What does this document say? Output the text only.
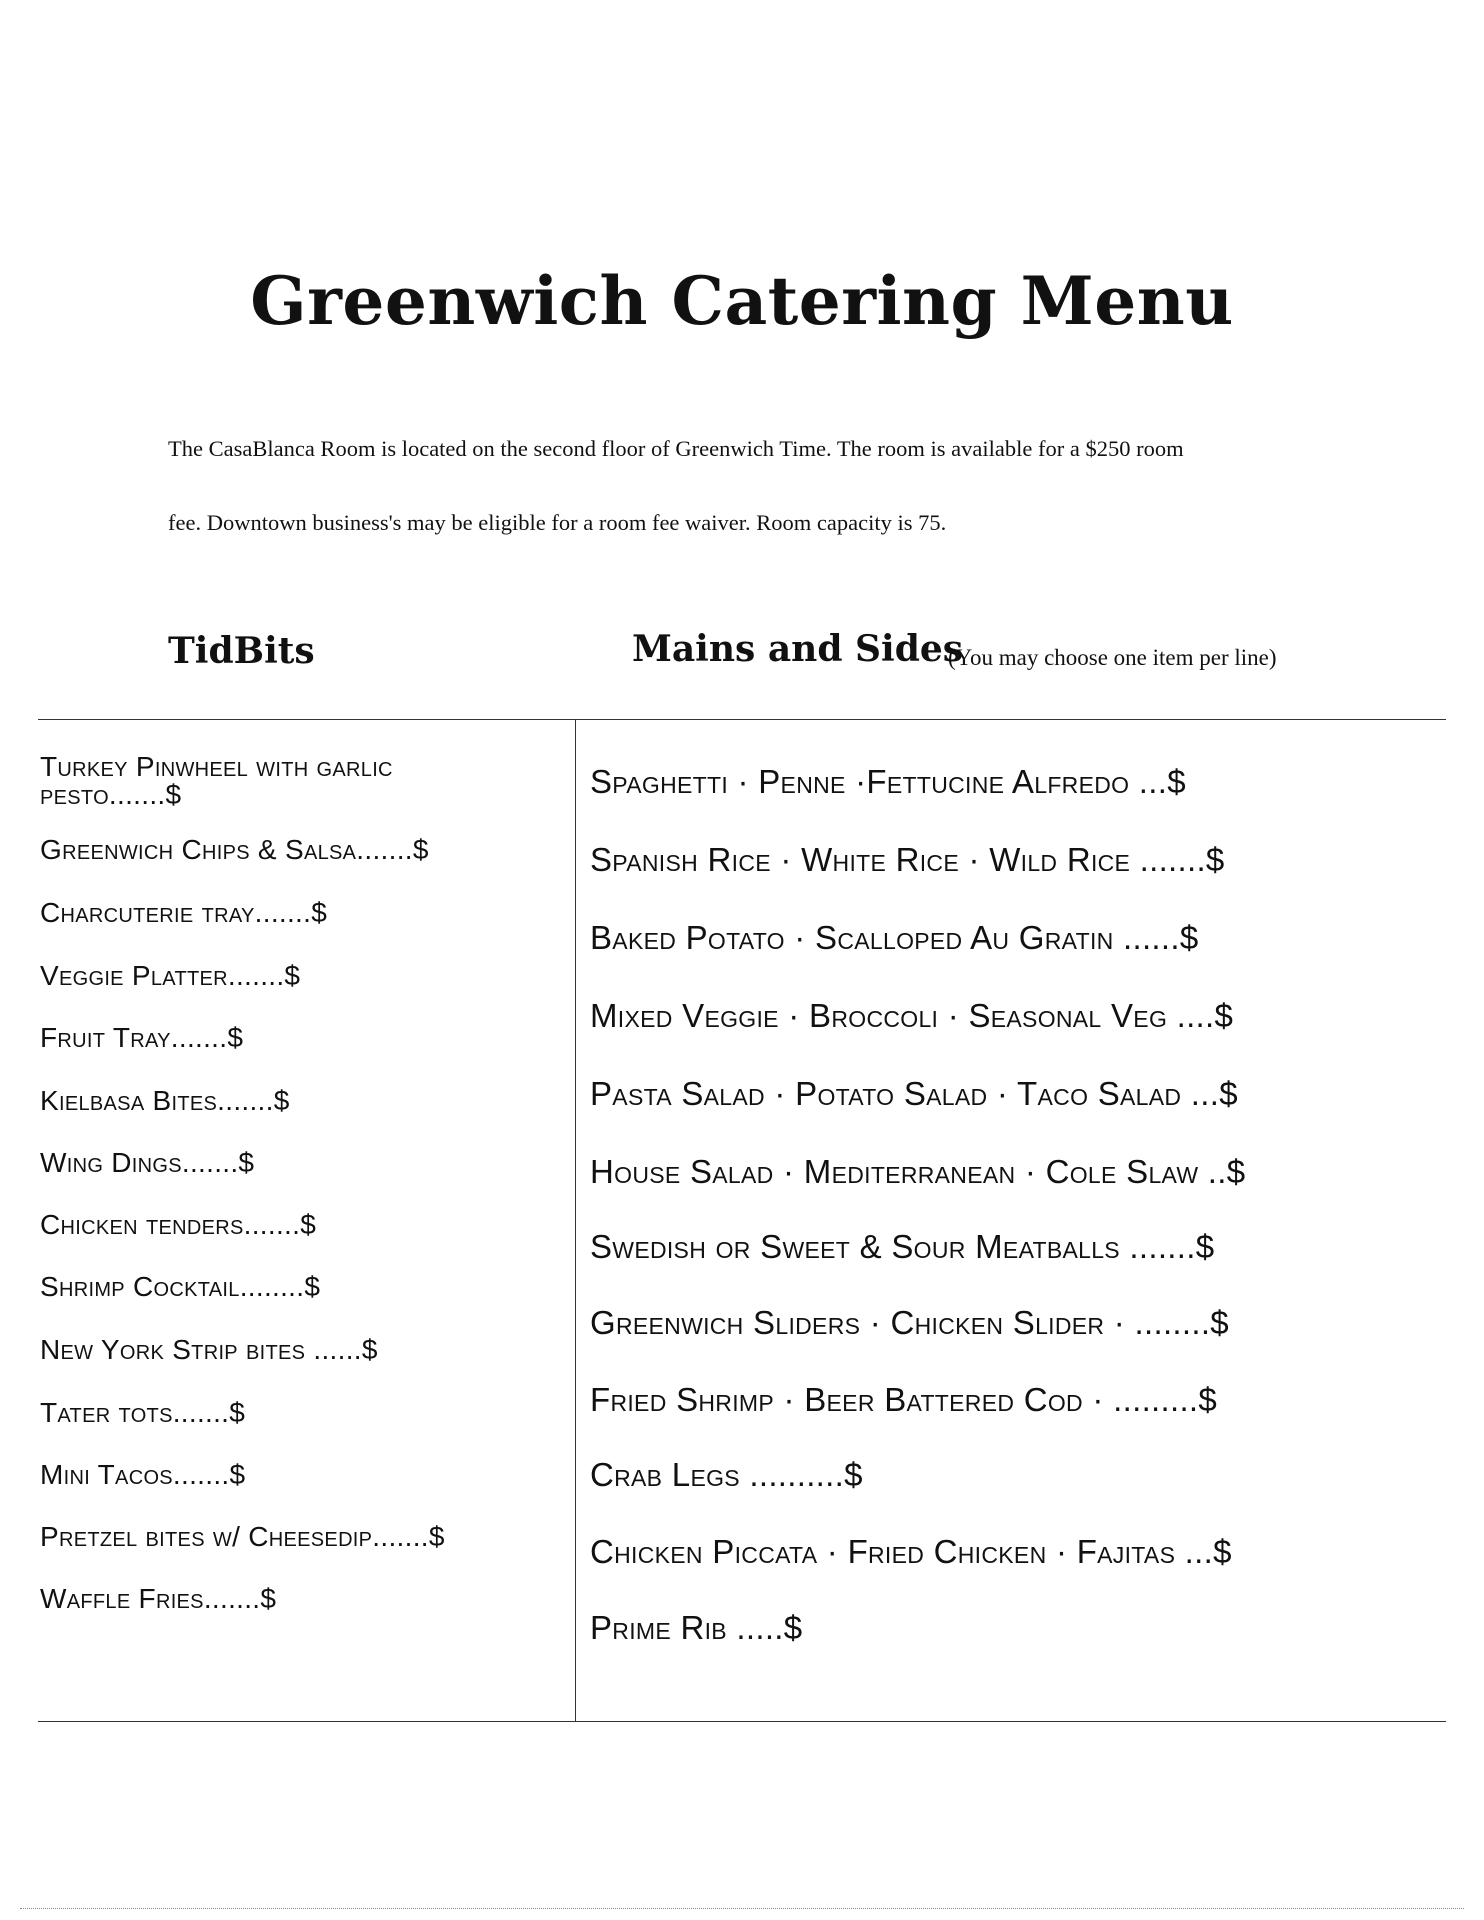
Greenwich Catering Menu

The CasaBlanca Room is located on the second floor of Greenwich Time. The room is available for a $250 room

fee. Downtown business's may be eligible for a room fee waiver. Room capacity is 75.

TidBits	Mains and Sides
(You may choose one item per line)
Turkey Pinwheel with garlic pesto.......$
Greenwich Chips & Salsa.......$
Charcuterie tray.......$
Veggie Platter.......$
Fruit Tray.......$
Kielbasa Bites.......$
Wing Dings.......$
Chicken tenders.......$
Shrimp Cocktail........$
New York Strip bites ......$
Tater tots.......$
Mini Tacos.......$
Pretzel bites w/ Cheesedip.......$
Waffle Fries.......$
Spaghetti · Penne ·Fettucine Alfredo ...$
Spanish Rice · White Rice · Wild Rice .......$
Baked Potato · Scalloped Au Gratin ......$
Mixed Veggie · Broccoli · Seasonal Veg ....$
Pasta Salad · Potato Salad · Taco Salad ...$
House Salad · Mediterranean · Cole Slaw ..$
Swedish or Sweet & Sour Meatballs .......$
Greenwich Sliders · Chicken Slider · ........$
Fried Shrimp · Beer Battered Cod · .........$
Crab Legs ..........$
Chicken Piccata · Fried Chicken · Fajitas ...$
Prime Rib .....$
